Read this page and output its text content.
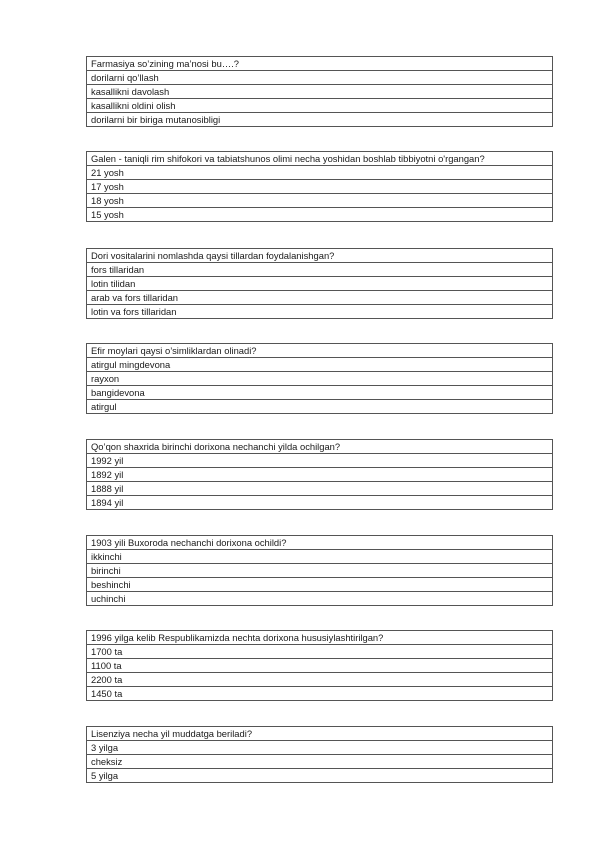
Farmasiya so’zining ma’nosi bu….?
dorilarni qo’llash
kasallikni davolash
kasallikni oldini olish
dorilarni bir biriga mutanosibligi
Galen - taniqli rim shifokori va tabiatshunos olimi necha yoshidan boshlab tibbiyotni o'rgangan?
21 yosh
17 yosh
18 yosh
15 yosh
Dori vositalarini nomlashda qaysi tillardan foydalanishgan?
fors tillaridan
lotin tilidan
arab va fors tillaridan
lotin va fors tillaridan
Efir moylari qaysi o’simliklardan olinadi?
atirgul mingdevona
rayxon
bangidevona
atirgul
Qo’qon shaxrida birinchi dorixona nechanchi yilda ochilgan?
1992 yil
1892 yil
1888 yil
1894 yil
1903 yili Buxoroda nechanchi dorixona ochildi?
ikkinchi
birinchi
beshinchi
uchinchi
1996 yilga kelib Respublikamizda nechta dorixona hususiylashtirilgan?
1700 ta
1100 ta
2200 ta
1450 ta
Lisenziya necha yil muddatga beriladi?
3 yilga
cheksiz
5 yilga
